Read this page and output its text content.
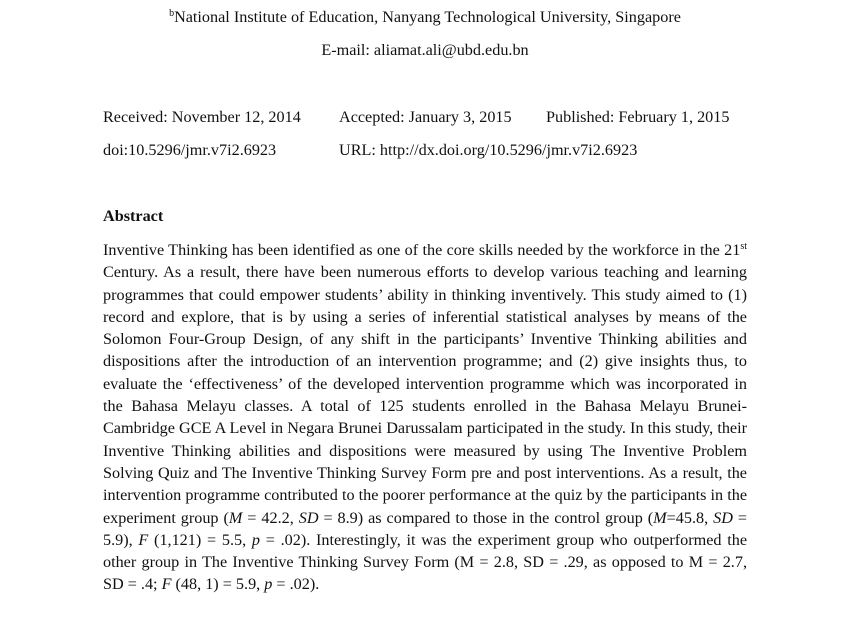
$^b$National Institute of Education, Nanyang Technological University, Singapore
E-mail: aliamat.ali@ubd.edu.bn
Received: November 12, 2014 Accepted: January 3, 2015 Published: February 1, 2015
doi:10.5296/jmr.v7i2.6923	URL: http://dx.doi.org/10.5296/jmr.v7i2.6923
Abstract

Inventive Thinking has been identified as one of the core skills needed by the workforce in the 21st Century. As a result, there have been numerous efforts to develop various teaching and learning programmes that could empower students’ ability in thinking inventively. This study aimed to (1) record and explore, that is by using a series of inferential statistical analyses by means of the Solomon Four-Group Design, of any shift in the participants’ Inventive Thinking abilities and dispositions after the introduction of an intervention programme; and (2) give insights thus, to evaluate the ‘effectiveness’ of the developed intervention programme which was incorporated in the Bahasa Melayu classes. A total of 125 students enrolled in the Bahasa Melayu Brunei-Cambridge GCE A Level in Negara Brunei Darussalam participated in the study. In this study, their Inventive Thinking abilities and dispositions were measured by using The Inventive Problem Solving Quiz and The Inventive Thinking Survey Form pre and post interventions. As a result, the intervention programme contributed to the poorer performance at the quiz by the participants in the experiment group (M = 42.2, SD = 8.9) as compared to those in the control group (M=45.8, SD = 5.9), F (1,121) = 5.5, p = .02). Interestingly, it was the experiment group who outperformed the other group in The Inventive Thinking Survey Form (M = 2.8, SD = .29, as opposed to M = 2.7, SD = .4; F (48, 1) = 5.9, p = .02).
